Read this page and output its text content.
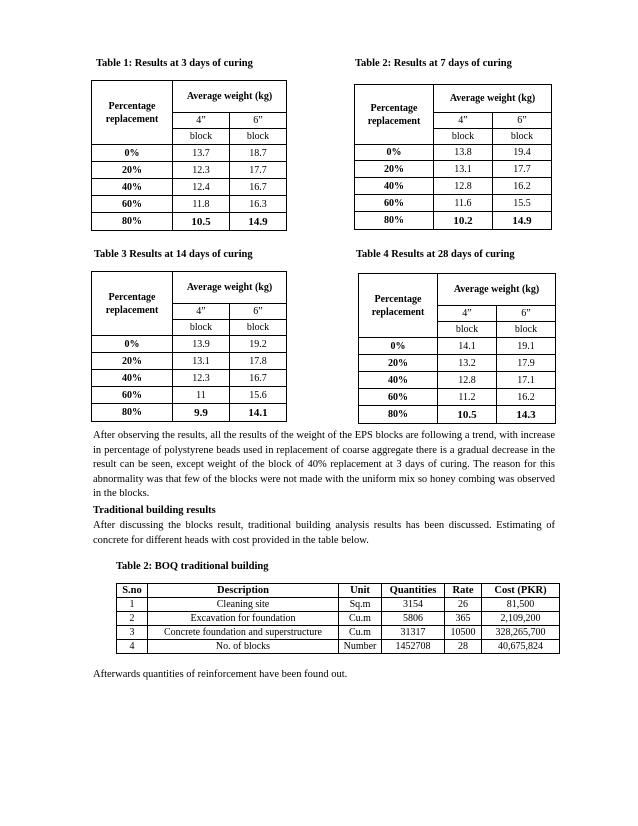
Table 1: Results at 3 days of curing	Table 2: Results at 7 days of curing
Percentage replacement	Average weight (kg)	
	4”	6”
	block	block
0%	13.7	18.7
20%	12.3	17.7
40%	12.4	16.7
60%	11.8	16.3
80%	10.5	14.9
Percentage replacement	Average weight (kg)	
	4”	6”
	block	block
0%	13.8	19.4
20%	13.1	17.7
40%	12.8	16.2
60%	11.6	15.5
80%	10.2	14.9
Table 3 Results at 14 days of curing	Table 4 Results at 28 days of curing
Percentage replacement	Average weight (kg)	
	4”	6”
	block	block
0%	13.9	19.2
20%	13.1	17.8
40%	12.3	16.7
60%	11	15.6
80%	9.9	14.1
Percentage replacement	Average weight (kg)	
	4”	6”
	block	block
0%	14.1	19.1
20%	13.2	17.9
40%	12.8	17.1
60%	11.2	16.2
80%	10.5	14.3
After observing the results, all the results of the weight of the EPS blocks are following a trend, with increase in percentage of polystyrene beads used in replacement of coarse aggregate there is a gradual decrease in the result can be seen, except weight of the block of 40% replacement at 3 days of curing. The reason for this abnormality was that few of the blocks were not made with the uniform mix so honey combing was observed in the blocks.
Traditional building results
After discussing the blocks result, traditional building analysis results has been discussed. Estimating of concrete for different heads with cost provided in the table below.
Table 2: BOQ traditional building
S.no	Description	Unit	Quantities	Rate	Cost (PKR)
1	Cleaning site	Sq.m	3154	26	81,500
2	Excavation for foundation	Cu.m	5806	365	2,109,200
3	Concrete foundation and superstructure	Cu.m	31317	10500	328,265,700
4	No. of blocks	Number	1452708	28	40,675,824
Afterwards quantities of reinforcement have been found out.
